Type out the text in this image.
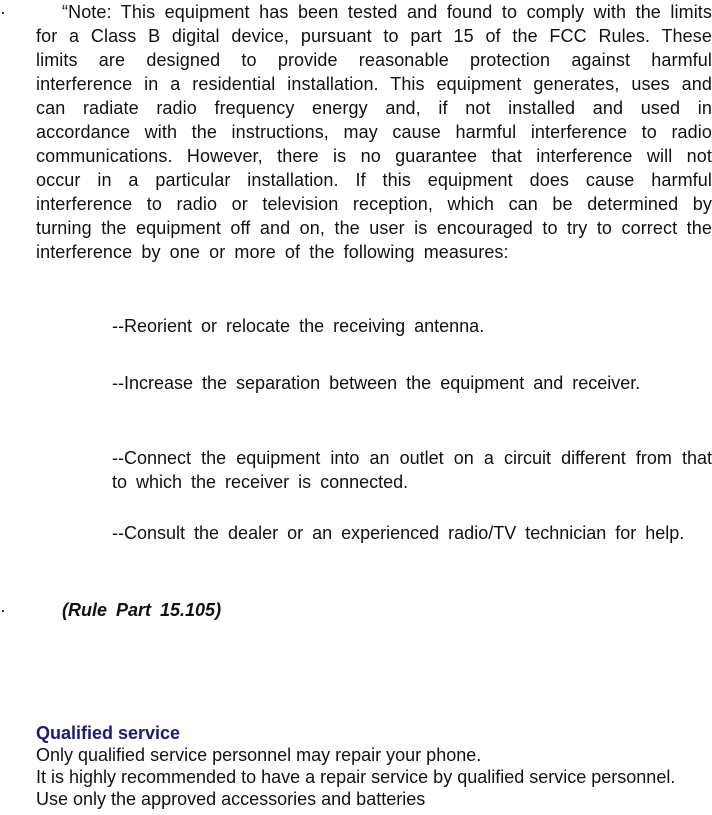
·	“Note: This equipment has been tested and found to comply with the limits for a Class B digital device, pursuant to part 15 of the FCC Rules. These limits are designed to provide reasonable protection against harmful interference in a residential installation. This equipment generates, uses and can radiate radio frequency energy and, if not installed and used in accordance with the instructions, may cause harmful interference to radio communications. However, there is no guarantee that interference will not occur in a particular installation. If this equipment does cause harmful interference to radio or television reception, which can be determined by turning the equipment off and on, the user is encouraged to try to correct the interference by one or more of the following measures:
--Reorient or relocate the receiving antenna.
--Increase the separation between the equipment and receiver.
--Connect the equipment into an outlet on a circuit different from that to which the receiver is connected.
--Consult the dealer or an experienced radio/TV technician for help.
·	(Rule Part 15.105)
Qualified service

Only qualified service personnel may repair your phone.

It is highly recommended to have a repair service by qualified service personnel. Use only the approved accessories and batteries
